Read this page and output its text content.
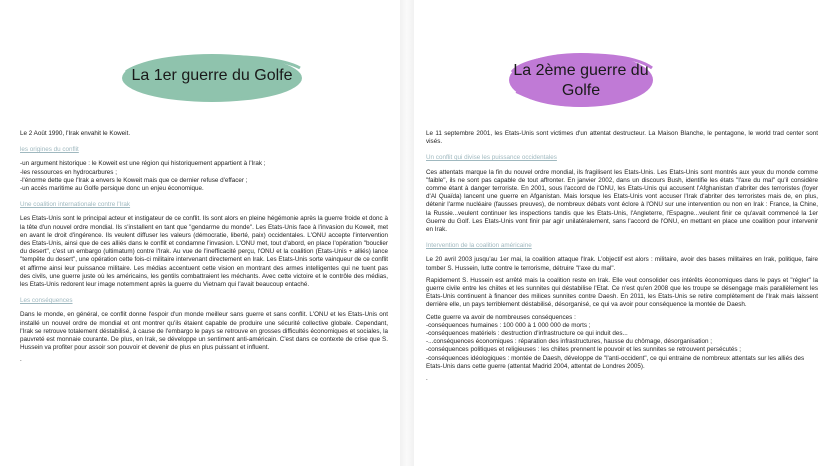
La 1er guerre du Golfe

Le 2 Août 1990, l'Irak envahit le Koweit.

les origines du conflit
-un argument historique : le Koweit est une région qui historiquement appartient à l'Irak ;
-les ressources en hydrocarbures ;
-l'énorme dette que l'Irak a envers le Koweit mais que ce dernier refuse d'effacer ;
-un accès maritime au Golfe persique donc un enjeu économique.
Une coalition internationale contre l'Irak

Les Etats-Unis sont le principal acteur et instigateur de ce conflit. Ils sont alors en pleine hégémonie après la guerre froide et donc à la tête d'un nouvel ordre mondial. Ils s'installent en tant que "gendarme du monde". Les Etats-Unis face à l'invasion du Koweit, met en avant le droit d'ingérence. Ils veulent diffuser les valeurs (démocratie, liberté, paix) occidentales. L'ONU accepte l'intervention des Etats-Unis, ainsi que de ces alliés dans le conflit et condamne l'invasion. L'ONU met, tout d'abord, en place l'opération "bouclier du desert", c'est un embargo (ultimatum) contre l'Irak. Au vue de l'inefficacité perçu, l'ONU et la coalition (Etats-Unis + alliés) lance "tempête du desert", une opération cette fois-ci militaire intervenant directement en Irak. Les Etats-Unis sorte vainqueur de ce conflit et affirme ainsi leur puissance militaire. Les médias accentuent cette vision en montrant des armes intelligentes qui ne tuent pas des civils, une guerre juste où les américains, les gentils combattraient les méchants. Avec cette victoire et le contrôle des médias, les Etats-Unis redorent leur image notemment après la guerre du Vietnam qui l'avait beaucoup entaché.

Les conséquences

Dans le monde, en général, ce conflit donne l'espoir d'un monde meilleur sans guerre et sans conflit. L'ONU et les Etats-Unis ont installé un nouvel ordre de mondial et ont montrer qu'ils étaient capable de produire une sécurité collective globale. Cependant, l'Irak se retrouve totalement déstabilisé, à cause de l'embargo le pays se retrouve en grosses difficultés économiques et sociales, la pauvreté est monnaie courante. De plus, en Irak, se développe un sentiment anti-américain. C'est dans ce contexte de crise que S. Hussein va profiter pour assoir son pouvoir et devenir de plus en plus puissant et influent.

.
La 2ème guerre du Golfe

Le 11 septembre 2001, les Etats-Unis sont victimes d'un attentat destructeur. La Maison Blanche, le pentagone, le world trad center sont visés.

Un conflit qui divise les puissance occidentales

Ces attentats marque la fin du nouvel ordre mondial, ils fragilisent les Etats-Unis. Les Etats-Unis sont montrés aux yeux du monde comme "faible", ils ne sont pas capable de tout affronter. En janvier 2002, dans un discours Bush, identifie les états "l'axe du mal" qu'il considère comme étant à danger terroriste. En 2001, sous l'accord de l'ONU, les Etats-Unis qui accusent l'Afghanistan d'abriter des terroristes (foyer d'Al Quaïda) lancent une guerre en Afganistan. Mais lorsque les Etats-Unis vont accuser l'Irak d'abriter des terroristes mais de, en plus, détenir l'arme nucléaire (fausses preuves), de nombreux débats vont éclore à l'ONU sur une intervention ou non en Irak : France, la Chine, la Russie...veulent continuer les inspections tandis que les Etats-Unis, l'Angleterre, l'Espagne...veulent finir ce qu'avait commencé la 1er Guerre du Golf. Les Etats-Unis vont finir par agir unilatéralement, sans l'accord de l'ONU, en mettant en place une coalition pour intervenir en Irak.

Intervention de la coalition américaine

Le 20 avril 2003 jusqu'au 1er mai, la coalition attaque l'Irak. L'objectif est alors : militaire, avoir des bases militaires en Irak, politique, faire tomber S. Hussein, lutte contre le terrorisme, détruire "l'axe du mal".

Rapidement S. Hussein est arrêté mais la coalition reste en Irak. Elle veut consolider ces intérêts économiques dans le pays et "régler" la guerre civile entre les chiites et les sunnites qui déstabilise l'Etat. Ce n'est qu'en 2008 que les troupe se désengage mais parallèlement les Etats-Unis continuent à financer des milices sunnites contre Daesh. En 2011, les Etats-Unis se retire complètement de l'Irak mais laissent derrière elle, un pays terriblement déstabilisé, désorganisé, ce qui va avoir pour conséquence la montée de Daesh.

Cette guerre va avoir de nombreuses conséquences :
-conséquences humaines : 100 000 à 1 000 000 de morts ;
-conséquences matériels : destruction d'infrastructure ce qui induit des...
-...conséquences économiques : réparation des infrastructures, hausse du chômage, désorganisation ;
-conséquences politiques et religieuses : les chiites prennent le pouvoir et les sunnites se retrouvent persécutés ;
-conséquences idéologiques : montée de Daesh, développe de "l'anti-occident", ce qui entraine de nombreux attentats sur les alliés des Etats-Unis dans cette guerre (attentat Madrid 2004, attentat de Londres 2005).
.
